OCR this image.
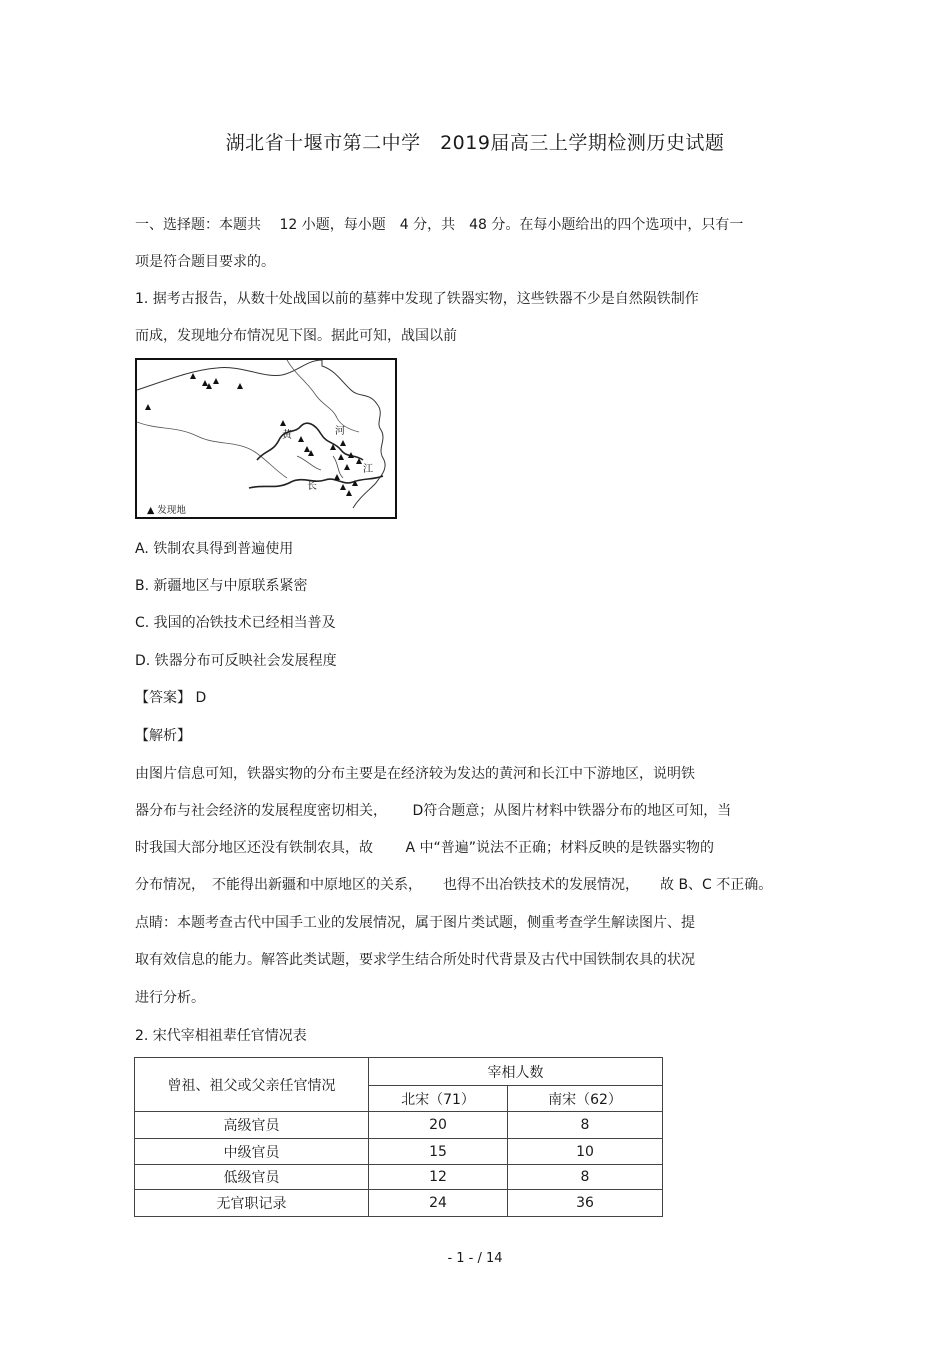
湖北省十堰市第二中学　2019届高三上学期检测历史试题
一、选择题：本题共　 12 小题，每小题　4 分，共　48 分。在每小题给出的四个选项中，只有一
项是符合题目要求的。
1. 据考古报告，从数十处战国以前的墓葬中发现了铁器实物，这些铁器不少是自然陨铁制作
而成，发现地分布情况见下图。据此可知，战国以前
黄	河
长
江
▲ 发现地
A. 铁制农具得到普遍使用
B. 新疆地区与中原联系紧密
C. 我国的冶铁技术已经相当普及
D. 铁器分布可反映社会发展程度
【答案】 D
【解析】
由图片信息可知，铁器实物的分布主要是在经济较为发达的黄河和长江中下游地区，说明铁
器分布与社会经济的发展程度密切相关，　　 D符合题意；从图片材料中铁器分布的地区可知，当
时我国大部分地区还没有铁制农具，故　　 A 中“普遍”说法不正确；材料反映的是铁器实物的
分布情况，　不能得出新疆和中原地区的关系，　　也得不出冶铁技术的发展情况，　　故 B、C 不正确。
点睛：本题考查古代中国手工业的发展情况，属于图片类试题，侧重考查学生解读图片、提
取有效信息的能力。解答此类试题，要求学生结合所处时代背景及古代中国铁制农具的状况
进行分析。
2. 宋代宰相祖辈任官情况表
曾祖、祖父或父亲任官情况	宰相人数	
	北宋（71）	南宋（62）
高级官员	20	8
中级官员	15	10
低级官员	12	8
无官职记录	24	36
- 1 - / 14
